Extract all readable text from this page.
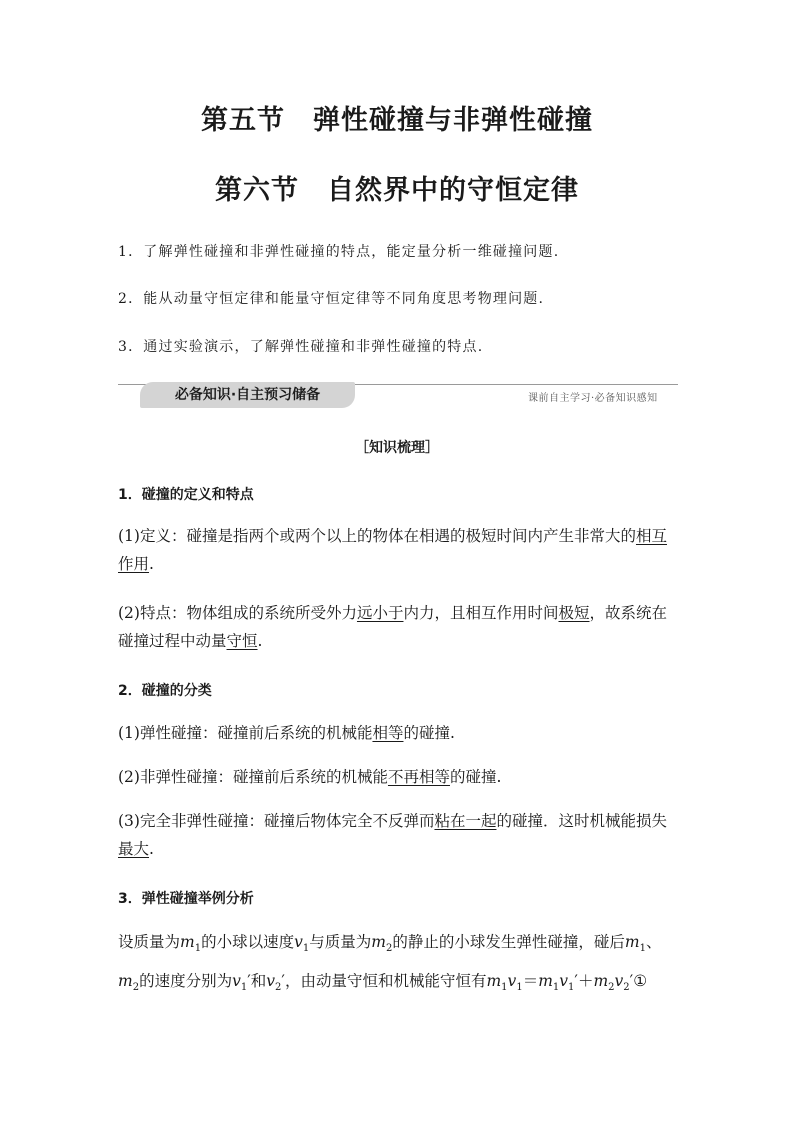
第五节　弹性碰撞与非弹性碰撞
第六节　自然界中的守恒定律
1．了解弹性碰撞和非弹性碰撞的特点，能定量分析一维碰撞问题.
2．能从动量守恒定律和能量守恒定律等不同角度思考物理问题.
3．通过实验演示，了解弹性碰撞和非弹性碰撞的特点.
必备知识·自主预习储备	课前自主学习·必备知识感知
［知识梳理］
1．碰撞的定义和特点
(1)定义：碰撞是指两个或两个以上的物体在相遇的极短时间内产生非常大的相互作用.
(2)特点：物体组成的系统所受外力远小于内力，且相互作用时间极短，故系统在碰撞过程中动量守恒.
2．碰撞的分类
(1)弹性碰撞：碰撞前后系统的机械能相等的碰撞.
(2)非弹性碰撞：碰撞前后系统的机械能不再相等的碰撞.
(3)完全非弹性碰撞：碰撞后物体完全不反弹而粘在一起的碰撞．这时机械能损失最大.
3．弹性碰撞举例分析
设质量为$m_1$的小球以速度$v_1$与质量为$m_2$的静止的小球发生弹性碰撞，碰后$m_1$、$m_2$的速度分别为$v_1'$和$v_2'$，由动量守恒和机械能守恒有$m_1v_1=m_1v_1'+m_2v_2'①$
